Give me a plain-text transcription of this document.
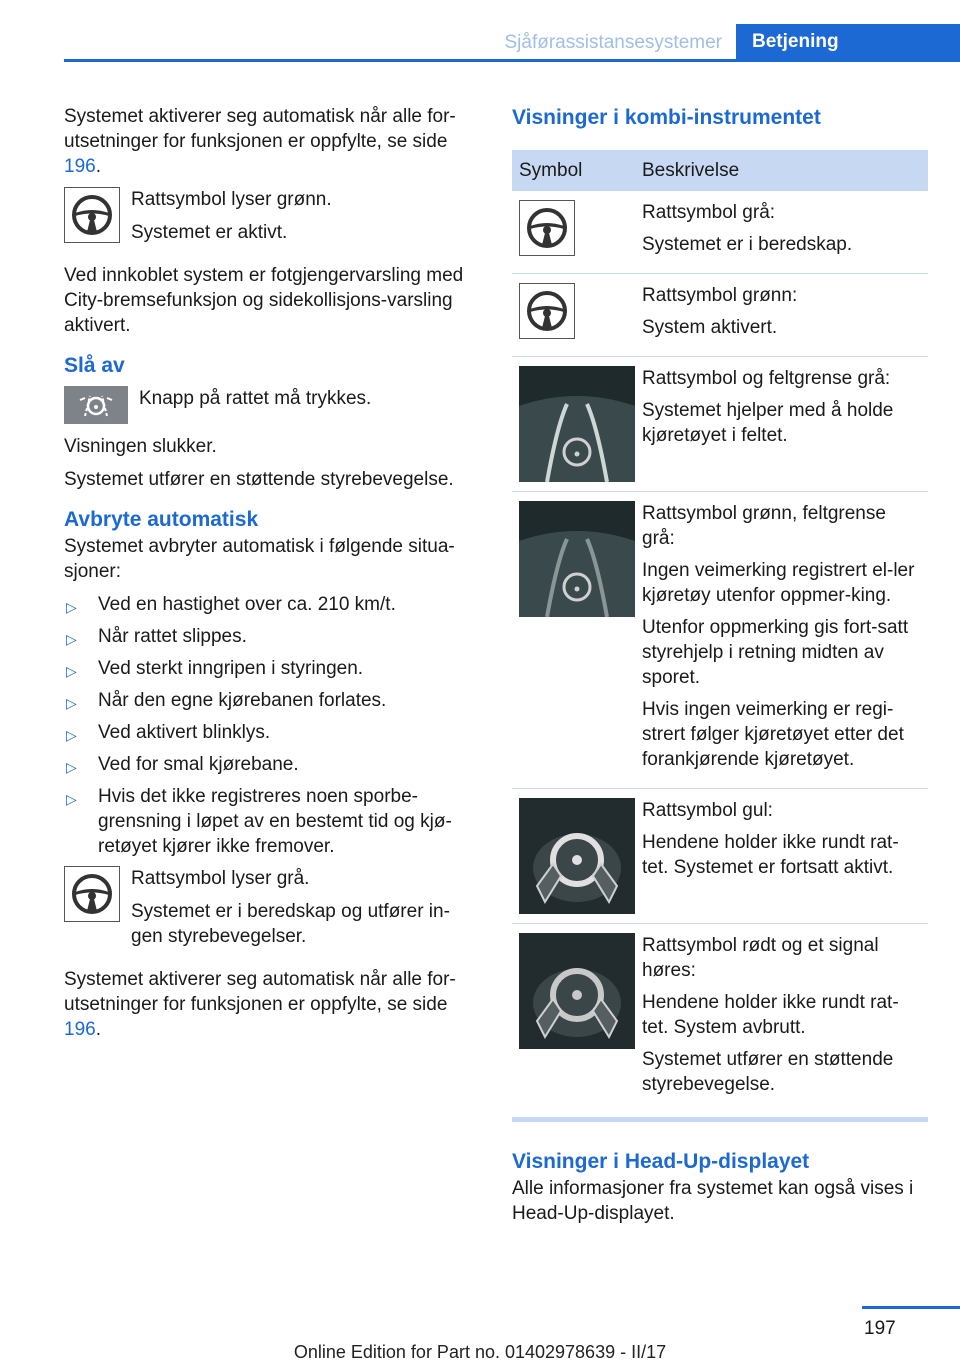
Sjåførassistansesystemer	Betjening

Systemet aktiverer seg automatisk når alle for-utsetninger for funksjonen er oppfylte, se side 196.

Rattsymbol lyser grønn.
Systemet er aktivt.

Ved innkoblet system er fotgjengervarsling med City-bremsefunksjon og sidekollisjons-varsling aktivert.

Slå av
Knapp på rattet må trykkes.

Visningen slukker.

Systemet utfører en støttende styrebevegelse.

Avbryte automatisk

Systemet avbryter automatisk i følgende situa-sjoner:

▷ Ved en hastighet over ca. 210 km/t.
▷ Når rattet slippes.
▷ Ved sterkt inngripen i styringen.
▷ Når den egne kjørebanen forlates.
▷ Ved aktivert blinklys.
▷ Ved for smal kjørebane.
▷ Hvis det ikke registreres noen sporbe-grensning i løpet av en bestemt tid og kjø-retøyet kjører ikke fremover.
Rattsymbol lyser grå.
Systemet er i beredskap og utfører in-gen styrebevegelser.

Systemet aktiverer seg automatisk når alle for-utsetninger for funksjonen er oppfylte, se side 196.

Visninger i kombi-instrumentet
Symbol	Beskrivelse

Rattsymbol grå:
Systemet er i beredskap.

Rattsymbol grønn:
System aktivert.

Rattsymbol og feltgrense grå:
Systemet hjelper med å holde kjøretøyet i feltet.

Rattsymbol grønn, feltgrense grå:
Ingen veimerking registrert el-ler kjøretøy utenfor oppmer-king.
Utenfor oppmerking gis fort-satt styrehjelp i retning midten av sporet.
Hvis ingen veimerking er regi-strert følger kjøretøyet etter det forankjørende kjøretøyet.

Rattsymbol gul:
Hendene holder ikke rundt rat-tet. Systemet er fortsatt aktivt.

Rattsymbol rødt og et signal høres:
Hendene holder ikke rundt rat-tet. System avbrutt.
Systemet utfører en støttende styrebevegelse.
Visninger i Head-Up-displayet

Alle informasjoner fra systemet kan også vises i Head-Up-displayet.

197
Online Edition for Part no. 01402978639 - II/17
